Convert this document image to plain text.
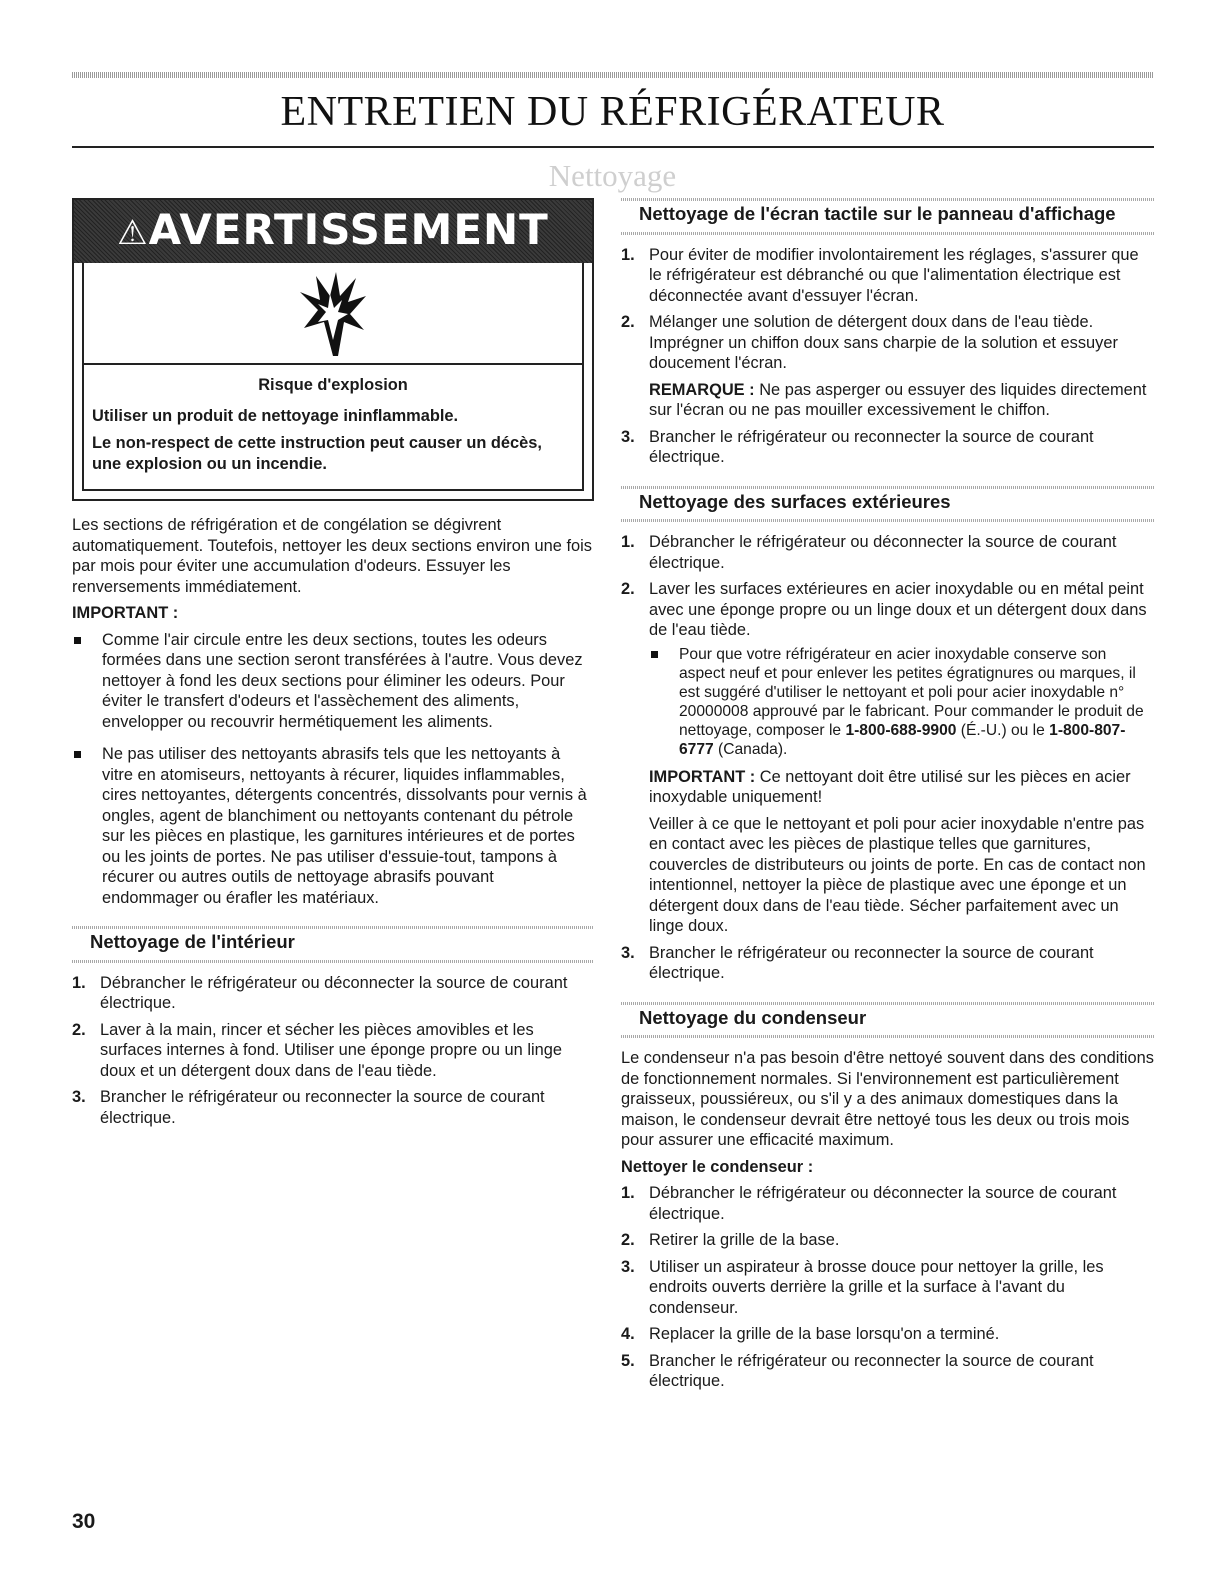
ENTRETIEN DU RÉFRIGÉRATEUR
Nettoyage
⚠AVERTISSEMENT
Risque d'explosion

Utiliser un produit de nettoyage ininflammable.

Le non-respect de cette instruction peut causer un décès, une explosion ou un incendie.

Les sections de réfrigération et de congélation se dégivrent automatiquement. Toutefois, nettoyer les deux sections environ une fois par mois pour éviter une accumulation d'odeurs. Essuyer les renversements immédiatement.

IMPORTANT :

Comme l'air circule entre les deux sections, toutes les odeurs formées dans une section seront transférées à l'autre. Vous devez nettoyer à fond les deux sections pour éliminer les odeurs. Pour éviter le transfert d'odeurs et l'assèchement des aliments, envelopper ou recouvrir hermétiquement les aliments.
Ne pas utiliser des nettoyants abrasifs tels que les nettoyants à vitre en atomiseurs, nettoyants à récurer, liquides inflammables, cires nettoyantes, détergents concentrés, dissolvants pour vernis à ongles, agent de blanchiment ou nettoyants contenant du pétrole sur les pièces en plastique, les garnitures intérieures et de portes ou les joints de portes. Ne pas utiliser d'essuie-tout, tampons à récurer ou autres outils de nettoyage abrasifs pouvant endommager ou érafler les matériaux.
Nettoyage de l'intérieur
1. Débrancher le réfrigérateur ou déconnecter la source de courant électrique.
2. Laver à la main, rincer et sécher les pièces amovibles et les surfaces internes à fond. Utiliser une éponge propre ou un linge doux et un détergent doux dans de l'eau tiède.
3. Brancher le réfrigérateur ou reconnecter la source de courant électrique.
Nettoyage de l'écran tactile sur le panneau d'affichage
1. Pour éviter de modifier involontairement les réglages, s'assurer que le réfrigérateur est débranché ou que l'alimentation électrique est déconnectée avant d'essuyer l'écran.
2. Mélanger une solution de détergent doux dans de l'eau tiède. Imprégner un chiffon doux sans charpie de la solution et essuyer doucement l'écran.

REMARQUE : Ne pas asperger ou essuyer des liquides directement sur l'écran ou ne pas mouiller excessivement le chiffon.

3. Brancher le réfrigérateur ou reconnecter la source de courant électrique.
Nettoyage des surfaces extérieures
1. Débrancher le réfrigérateur ou déconnecter la source de courant électrique.
2. Laver les surfaces extérieures en acier inoxydable ou en métal peint avec une éponge propre ou un linge doux et un détergent doux dans de l'eau tiède.
Pour que votre réfrigérateur en acier inoxydable conserve son aspect neuf et pour enlever les petites égratignures ou marques, il est suggéré d'utiliser le nettoyant et poli pour acier inoxydable n° 20000008 approuvé par le fabricant. Pour commander le produit de nettoyage, composer le 1-800-688-9900 (É.-U.) ou le 1-800-807-6777 (Canada).

IMPORTANT : Ce nettoyant doit être utilisé sur les pièces en acier inoxydable uniquement!

Veiller à ce que le nettoyant et poli pour acier inoxydable n'entre pas en contact avec les pièces de plastique telles que garnitures, couvercles de distributeurs ou joints de porte. En cas de contact non intentionnel, nettoyer la pièce de plastique avec une éponge et un détergent doux dans de l'eau tiède. Sécher parfaitement avec un linge doux.

3. Brancher le réfrigérateur ou reconnecter la source de courant électrique.
Nettoyage du condenseur

Le condenseur n'a pas besoin d'être nettoyé souvent dans des conditions de fonctionnement normales. Si l'environnement est particulièrement graisseux, poussiéreux, ou s'il y a des animaux domestiques dans la maison, le condenseur devrait être nettoyé tous les deux ou trois mois pour assurer une efficacité maximum.

Nettoyer le condenseur :

1. Débrancher le réfrigérateur ou déconnecter la source de courant électrique.
2. Retirer la grille de la base.
3. Utiliser un aspirateur à brosse douce pour nettoyer la grille, les endroits ouverts derrière la grille et la surface à l'avant du condenseur.
4. Replacer la grille de la base lorsqu'on a terminé.
5. Brancher le réfrigérateur ou reconnecter la source de courant électrique.
30
